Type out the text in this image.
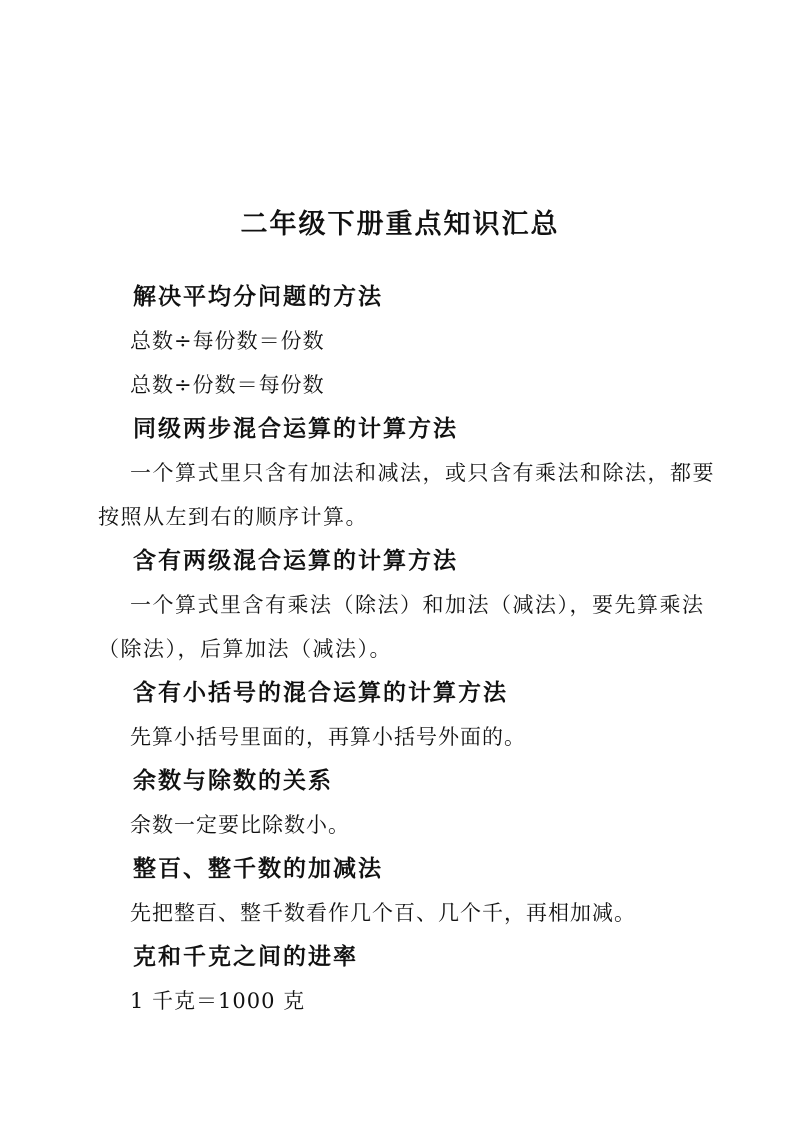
二年级下册重点知识汇总
解决平均分问题的方法
总数÷每份数＝份数
总数÷份数＝每份数
同级两步混合运算的计算方法

一个算式里只含有加法和减法，或只含有乘法和除法，都要按照从左到右的顺序计算。

含有两级混合运算的计算方法

一个算式里含有乘法（除法）和加法（减法），要先算乘法（除法），后算加法（减法）。

含有小括号的混合运算的计算方法
先算小括号里面的，再算小括号外面的。
余数与除数的关系
余数一定要比除数小。
整百、整千数的加减法
先把整百、整千数看作几个百、几个千，再相加减。
克和千克之间的进率
1 千克＝1000 克
